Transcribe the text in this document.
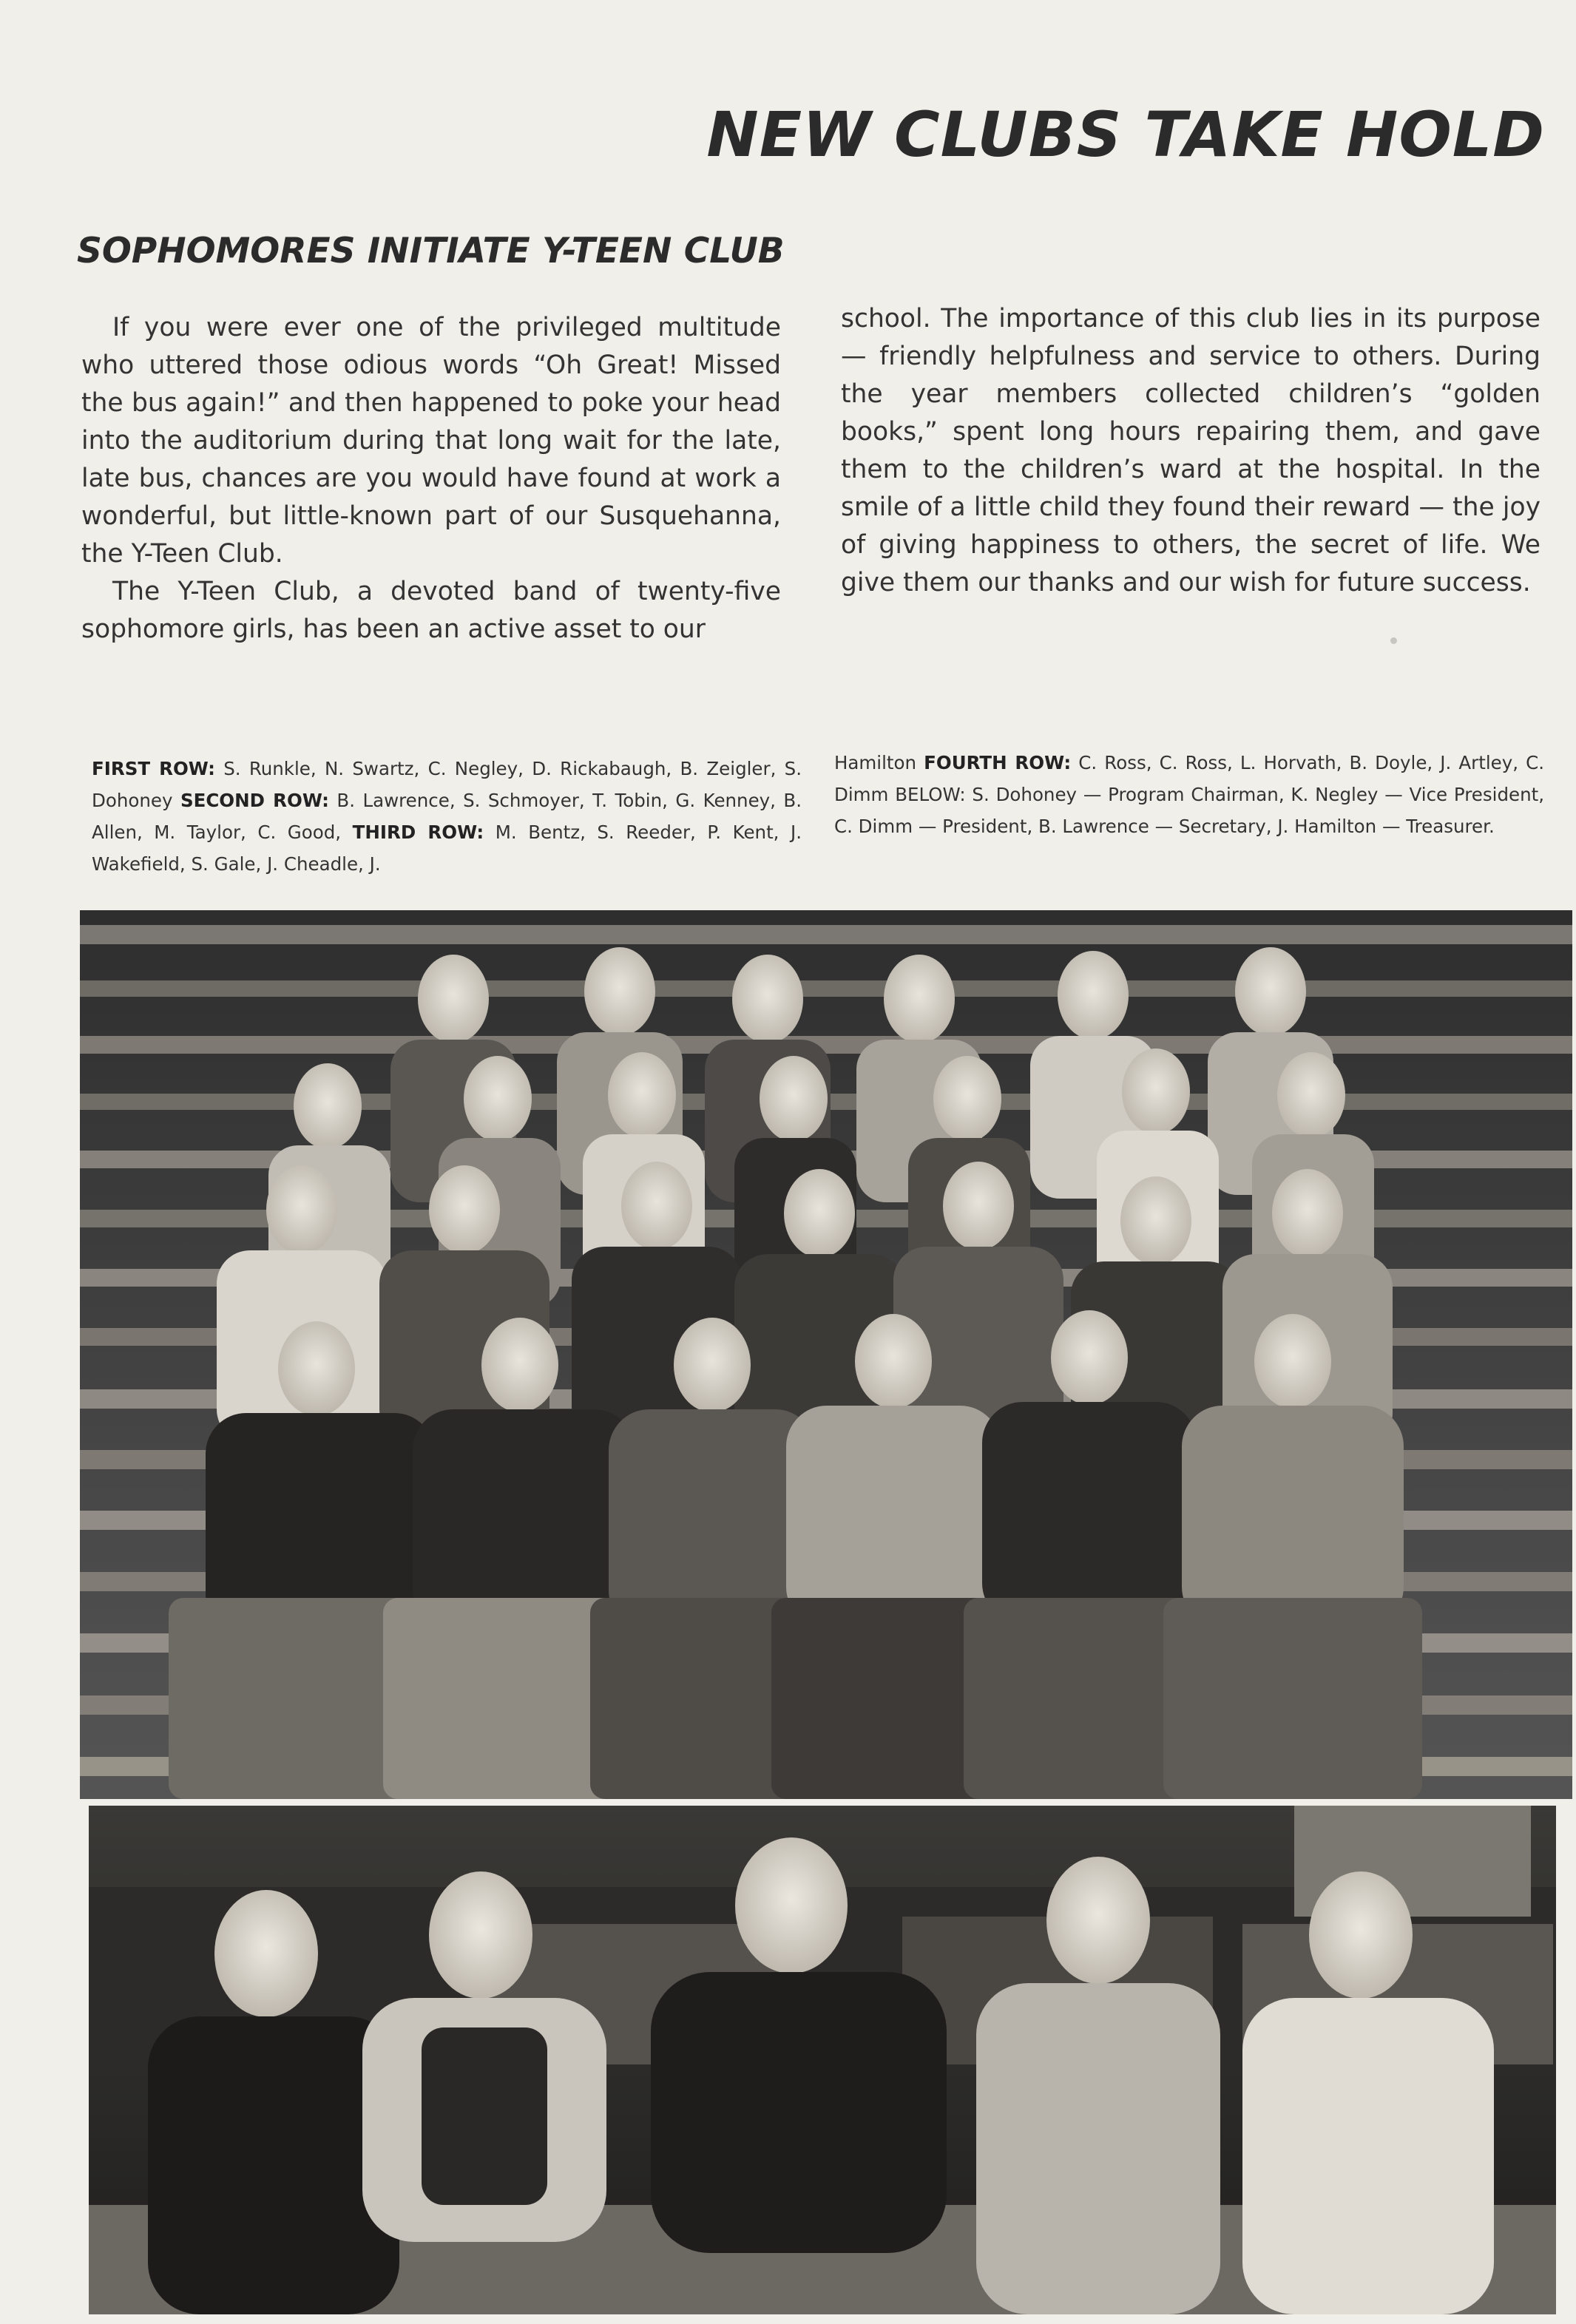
NEW CLUBS TAKE HOLD
SOPHOMORES INITIATE Y-TEEN CLUB

If you were ever one of the privileged multitude who uttered those odious words “Oh Great! Missed the bus again!” and then happened to poke your head into the auditorium during that long wait for the late, late bus, chances are you would have found at work a wonderful, but little-known part of our Susquehanna, the Y-Teen Club.

The Y-Teen Club, a devoted band of twenty-five sophomore girls, has been an active asset to our

school. The importance of this club lies in its purpose — friendly helpfulness and service to others. During the year members collected children’s “golden books,” spent long hours repairing them, and gave them to the children’s ward at the hospital. In the smile of a little child they found their reward — the joy of giving happiness to others, the secret of life. We give them our thanks and our wish for future success.

FIRST ROW: S. Runkle, N. Swartz, C. Negley, D. Rickabaugh, B. Zeigler, S. Dohoney SECOND ROW: B. Lawrence, S. Schmoyer, T. Tobin, G. Kenney, B. Allen, M. Taylor, C. Good, THIRD ROW: M. Bentz, S. Reeder, P. Kent, J. Wakefield, S. Gale, J. Cheadle, J.

Hamilton FOURTH ROW: C. Ross, C. Ross, L. Horvath, B. Doyle, J. Artley, C. Dimm BELOW: S. Dohoney — Program Chairman, K. Negley — Vice President, C. Dimm — President, B. Lawrence — Secretary, J. Hamilton — Treasurer.
